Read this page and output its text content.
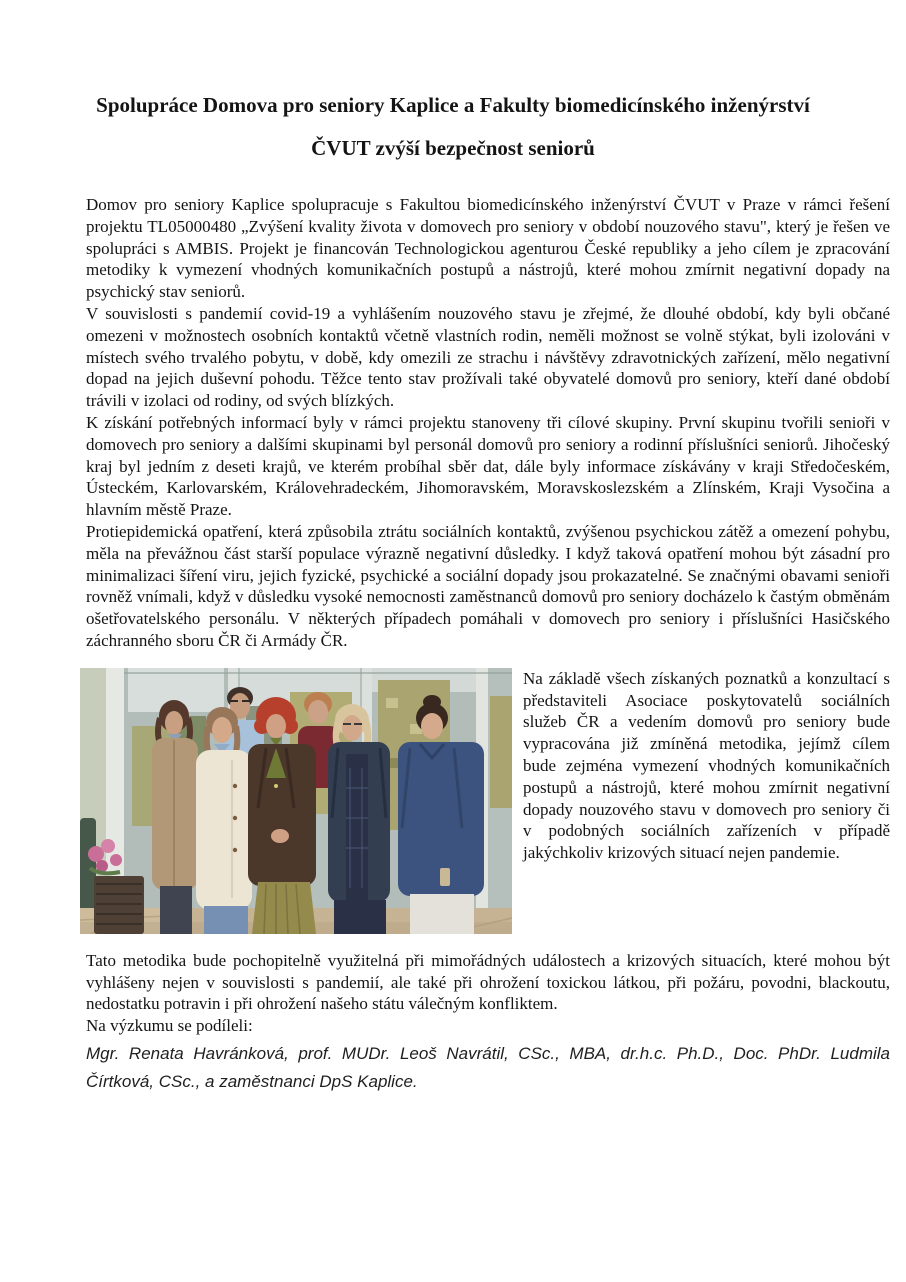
Spolupráce Domova pro seniory Kaplice a Fakulty biomedicínského inženýrství
ČVUT zvýší bezpečnost seniorů

Domov pro seniory Kaplice spolupracuje s Fakultou biomedicínského inženýrství ČVUT v Praze v rámci řešení projektu TL05000480 „Zvýšení kvality života v domovech pro seniory v období nouzového stavu", který je řešen ve spolupráci s AMBIS. Projekt je financován Technologickou agenturou České republiky a jeho cílem je zpracování metodiky k vymezení vhodných komunikačních postupů a nástrojů, které mohou zmírnit negativní dopady na psychický stav seniorů.

V souvislosti s pandemií covid-19 a vyhlášením nouzového stavu je zřejmé, že dlouhé období, kdy byli občané omezeni v možnostech osobních kontaktů včetně vlastních rodin, neměli možnost se volně stýkat, byli izolováni v místech svého trvalého pobytu, v době, kdy omezili ze strachu i návštěvy zdravotnických zařízení, mělo negativní dopad na jejich duševní pohodu. Těžce tento stav prožívali také obyvatelé domovů pro seniory, kteří dané období trávili v izolaci od rodiny, od svých blízkých.

K získání potřebných informací byly v rámci projektu stanoveny tři cílové skupiny. První skupinu tvořili senioři v domovech pro seniory a dalšími skupinami byl personál domovů pro seniory a rodinní příslušníci seniorů. Jihočeský kraj byl jedním z deseti krajů, ve kterém probíhal sběr dat, dále byly informace získávány v kraji Středočeském, Ústeckém, Karlovarském, Královehradeckém, Jihomoravském, Moravskoslezském a Zlínském, Kraji Vysočina a hlavním městě Praze.

Protiepidemická opatření, která způsobila ztrátu sociálních kontaktů, zvýšenou psychickou zátěž a omezení pohybu, měla na převážnou část starší populace výrazně negativní důsledky. I když taková opatření mohou být zásadní pro minimalizaci šíření viru, jejich fyzické, psychické a sociální dopady jsou prokazatelné. Se značnými obavami senioři rovněž vnímali, když v důsledku vysoké nemocnosti zaměstnanců domovů pro seniory docházelo k častým obměnám ošetřovatelského personálu. V některých případech pomáhali v domovech pro seniory i příslušníci Hasičského záchranného sboru ČR či Armády ČR.

Na základě všech získaných poznatků a konzultací s představiteli Asociace poskytovatelů sociálních služeb ČR a vedením domovů pro seniory bude vypracována již zmíněná metodika, jejímž cílem bude zejména vymezení vhodných komunikačních postupů a nástrojů, které mohou zmírnit negativní dopady nouzového stavu v domovech pro seniory či v podobných sociálních zařízeních v případě jakýchkoliv krizových situací nejen pandemie.

Tato metodika bude pochopitelně využitelná při mimořádných událostech a krizových situacích, které mohou být vyhlášeny nejen v souvislosti s pandemií, ale také při ohrožení toxickou látkou, při požáru, povodni, blackoutu, nedostatku potravin i při ohrožení našeho státu válečným konfliktem.

Na výzkumu se podíleli:

Mgr. Renata Havránková, prof. MUDr. Leoš Navrátil, CSc., MBA, dr.h.c. Ph.D., Doc. PhDr. Ludmila Čírtková, CSc., a zaměstnanci DpS Kaplice.
